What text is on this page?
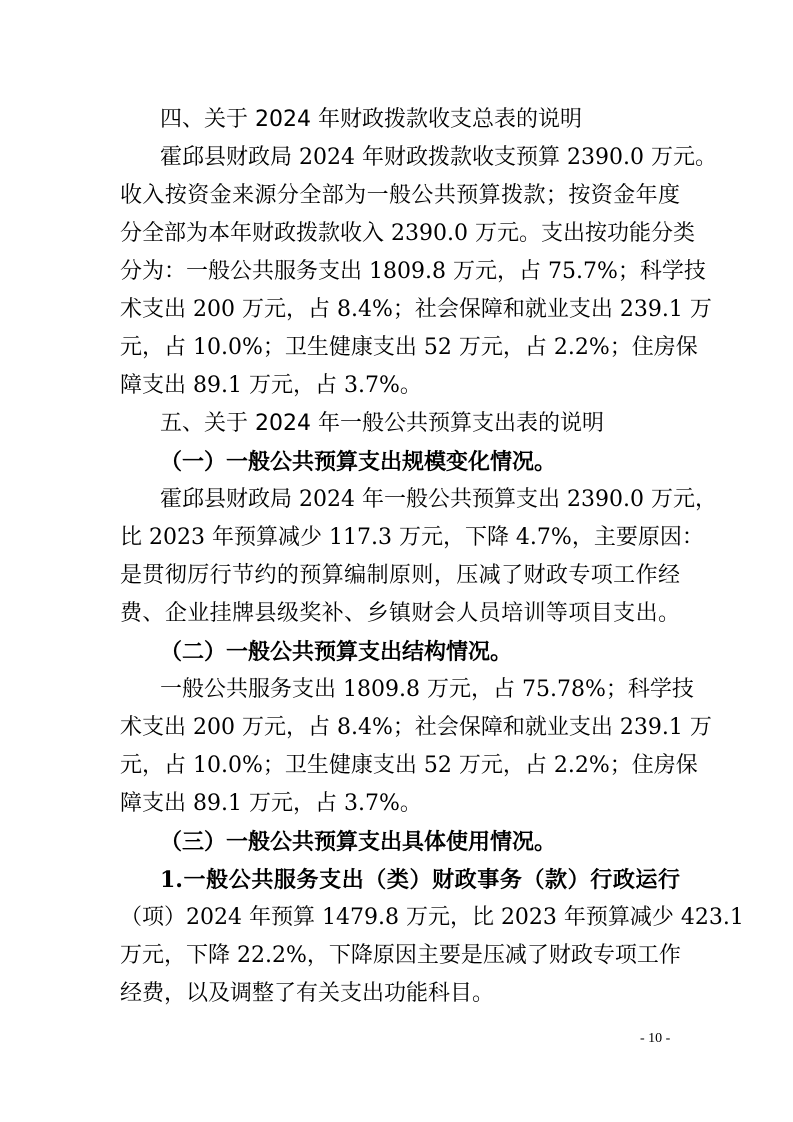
四、关于 2024 年财政拨款收支总表的说明
霍邱县财政局 2024 年财政拨款收支预算 2390.0 万元。
收入按资金来源分全部为一般公共预算拨款；按资金年度
分全部为本年财政拨款收入 2390.0 万元。支出按功能分类
分为：一般公共服务支出 1809.8 万元，占 75.7%；科学技
术支出 200 万元，占 8.4%；社会保障和就业支出 239.1 万
元，占 10.0%；卫生健康支出 52 万元，占 2.2%；住房保
障支出 89.1 万元，占 3.7%。
五、关于 2024 年一般公共预算支出表的说明
（一）一般公共预算支出规模变化情况。
霍邱县财政局 2024 年一般公共预算支出 2390.0 万元，
比 2023 年预算减少 117.3 万元，下降 4.7%，主要原因：
是贯彻厉行节约的预算编制原则，压减了财政专项工作经
费、企业挂牌县级奖补、乡镇财会人员培训等项目支出。
（二）一般公共预算支出结构情况。
一般公共服务支出 1809.8 万元，占 75.78%；科学技
术支出 200 万元，占 8.4%；社会保障和就业支出 239.1 万
元，占 10.0%；卫生健康支出 52 万元，占 2.2%；住房保
障支出 89.1 万元，占 3.7%。
（三）一般公共预算支出具体使用情况。
1.一般公共服务支出（类）财政事务（款）行政运行
（项）2024 年预算 1479.8 万元，比 2023 年预算减少 423.1
万元，下降 22.2%，下降原因主要是压减了财政专项工作
经费，以及调整了有关支出功能科目。
- 10 -
